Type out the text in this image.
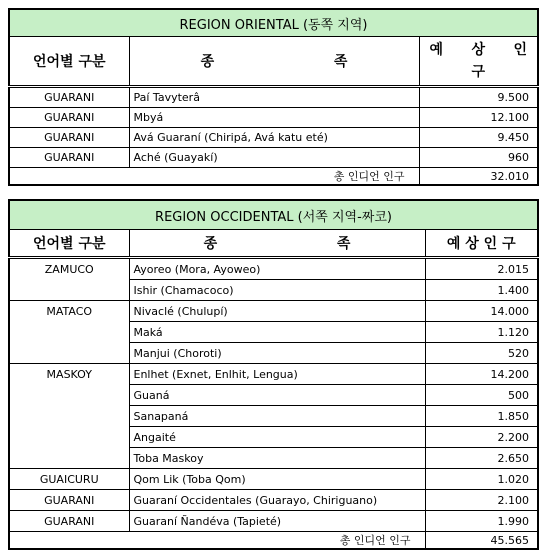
REGION ORIENTAL (동쪽 지역)		
언어별 구분	종 족	예 상 인
구

GUARANI	Paí Tavyterâ	9.500
GUARANI	Mbyá	12.100
GUARANI	Avá Guaraní (Chiripá, Avá katu eté)	9.450
GUARANI	Aché (Guayakí)	960
총 인디언 인구		32.010
REGION OCCIDENTAL (서쪽 지역-짜코)		
언어별 구분	종 족	예 상 인 구
ZAMUCO	Ayoreo (Mora, Ayoweo)	2.015
	Ishir (Chamacoco)	1.400
MATACO	Nivaclé (Chulupí)	14.000
	Maká	1.120
	Manjui (Choroti)	520
MASKOY	Enlhet (Exnet, Enlhit, Lengua)	14.200
	Guaná	500
	Sanapaná	1.850
	Angaité	2.200
	Toba Maskoy	2.650
GUAICURU	Qom Lik (Toba Qom)	1.020
GUARANI	Guaraní Occidentales (Guarayo, Chiriguano)	2.100
GUARANI	Guaraní Ñandéva (Tapieté)	1.990
총 인디언 인구		45.565
